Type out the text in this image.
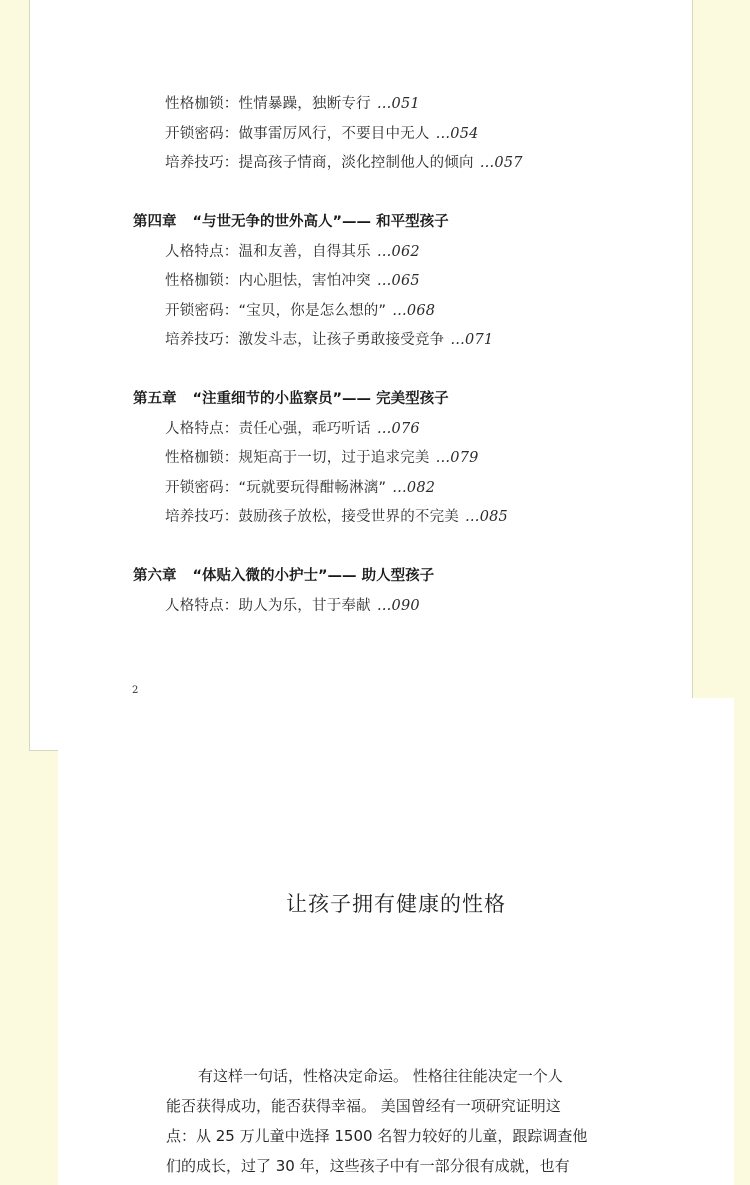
性格枷锁：性情暴躁，独断专行 …051
开锁密码：做事雷厉风行，不要目中无人 …054
培养技巧：提高孩子情商，淡化控制他人的倾向 …057
第四章 “与世无争的世外高人”—— 和平型孩子
人格特点：温和友善，自得其乐 …062
性格枷锁：内心胆怯，害怕冲突 …065
开锁密码：“宝贝，你是怎么想的” …068
培养技巧：激发斗志，让孩子勇敢接受竞争 …071
第五章 “注重细节的小监察员”—— 完美型孩子
人格特点：责任心强，乖巧听话 …076
性格枷锁：规矩高于一切，过于追求完美 …079
开锁密码：“玩就要玩得酣畅淋漓” …082
培养技巧：鼓励孩子放松，接受世界的不完美 …085
第六章 “体贴入微的小护士”—— 助人型孩子
人格特点：助人为乐，甘于奉献 …090
2
让孩子拥有健康的性格
有这样一句话，性格决定命运。 性格往往能决定一个人
能否获得成功，能否获得幸福。 美国曾经有一项研究证明这
点：从 25 万儿童中选择 1500 名智力较好的儿童，跟踪调查他
们的成长，过了 30 年，这些孩子中有一部分很有成就，也有
